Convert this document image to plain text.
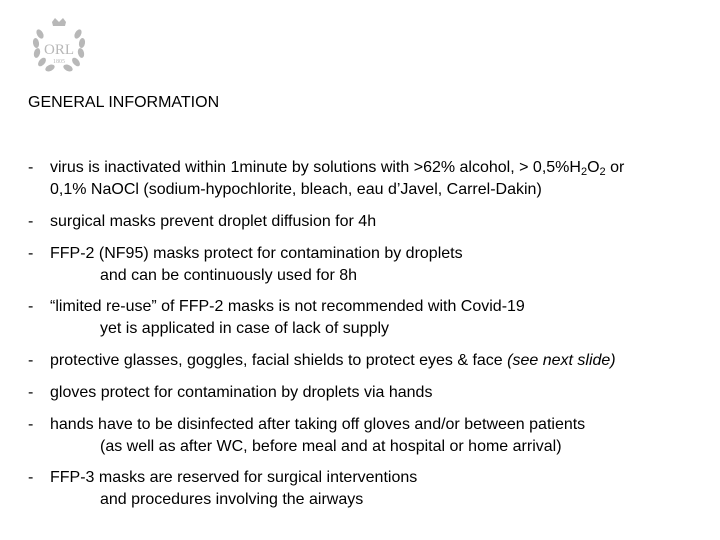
ORL
1805
GENERAL INFORMATION
- virus is inactivated within 1minute by solutions with >62% alcohol, > $0,5\%H_2O_2$ or
0,1% NaOCl (sodium-hypochlorite, bleach, eau d’Javel, Carrel-Dakin)
- surgical masks prevent droplet diffusion for 4h
- FFP-2 (NF95) masks protect for contamination by droplets
and can be continuously used for 8h
- “limited re-use” of FFP-2 masks is not recommended with Covid-19
yet is applicated in case of lack of supply
- protective glasses, goggles, facial shields to protect eyes & face (see next slide)
- gloves protect for contamination by droplets via hands
- hands have to be disinfected after taking off gloves and/or between patients
(as well as after WC, before meal and at hospital or home arrival)
- FFP-3 masks are reserved for surgical interventions
and procedures involving the airways
